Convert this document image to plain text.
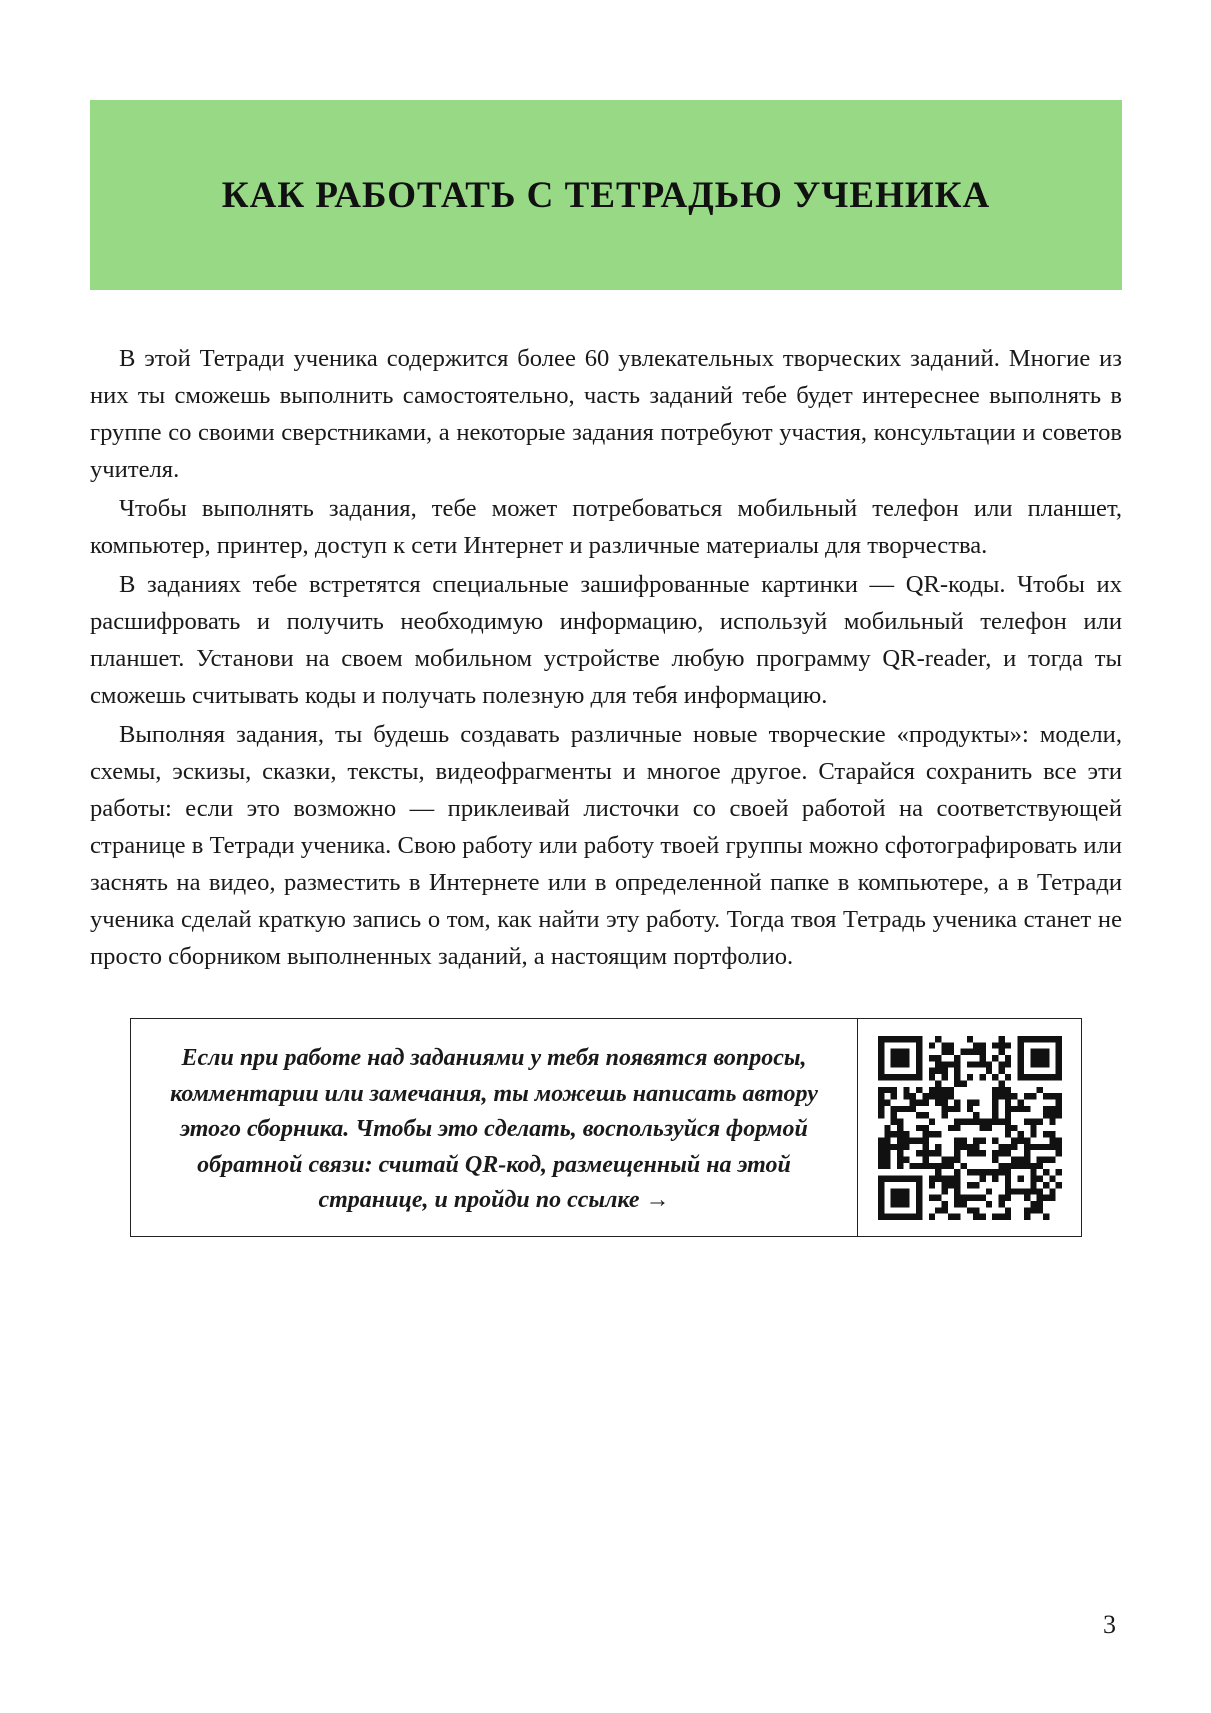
КАК РАБОТАТЬ С ТЕТРАДЬЮ УЧЕНИКА

В этой Тетради ученика содержится более 60 увлекательных творческих заданий. Многие из них ты сможешь выполнить самостоятельно, часть заданий тебе будет интереснее выполнять в группе со своими сверстниками, а некоторые задания потребуют участия, консультации и советов учителя.

Чтобы выполнять задания, тебе может потребоваться мобильный телефон или планшет, компьютер, принтер, доступ к сети Интернет и различные материалы для творчества.

В заданиях тебе встретятся специальные зашифрованные картинки — QR-коды. Чтобы их расшифровать и получить необходимую информацию, используй мобильный телефон или планшет. Установи на своем мобильном устройстве любую программу QR-reader, и тогда ты сможешь считывать коды и получать полезную для тебя информацию.

Выполняя задания, ты будешь создавать различные новые творческие «продукты»: модели, схемы, эскизы, сказки, тексты, видеофрагменты и многое другое. Старайся сохранить все эти работы: если это возможно — приклеивай листочки со своей работой на соответствующей странице в Тетради ученика. Свою работу или работу твоей группы можно сфотографировать или заснять на видео, разместить в Интернете или в определенной папке в компьютере, а в Тетради ученика сделай краткую запись о том, как найти эту работу. Тогда твоя Тетрадь ученика станет не просто сборником выполненных заданий, а настоящим портфолио.

Если при работе над заданиями у тебя появятся вопросы, комментарии или замечания, ты можешь написать автору этого сборника. Чтобы это сделать, воспользуйся формой обратной связи: считай QR-код, размещенный на этой странице, и пройди по ссылке →
3
